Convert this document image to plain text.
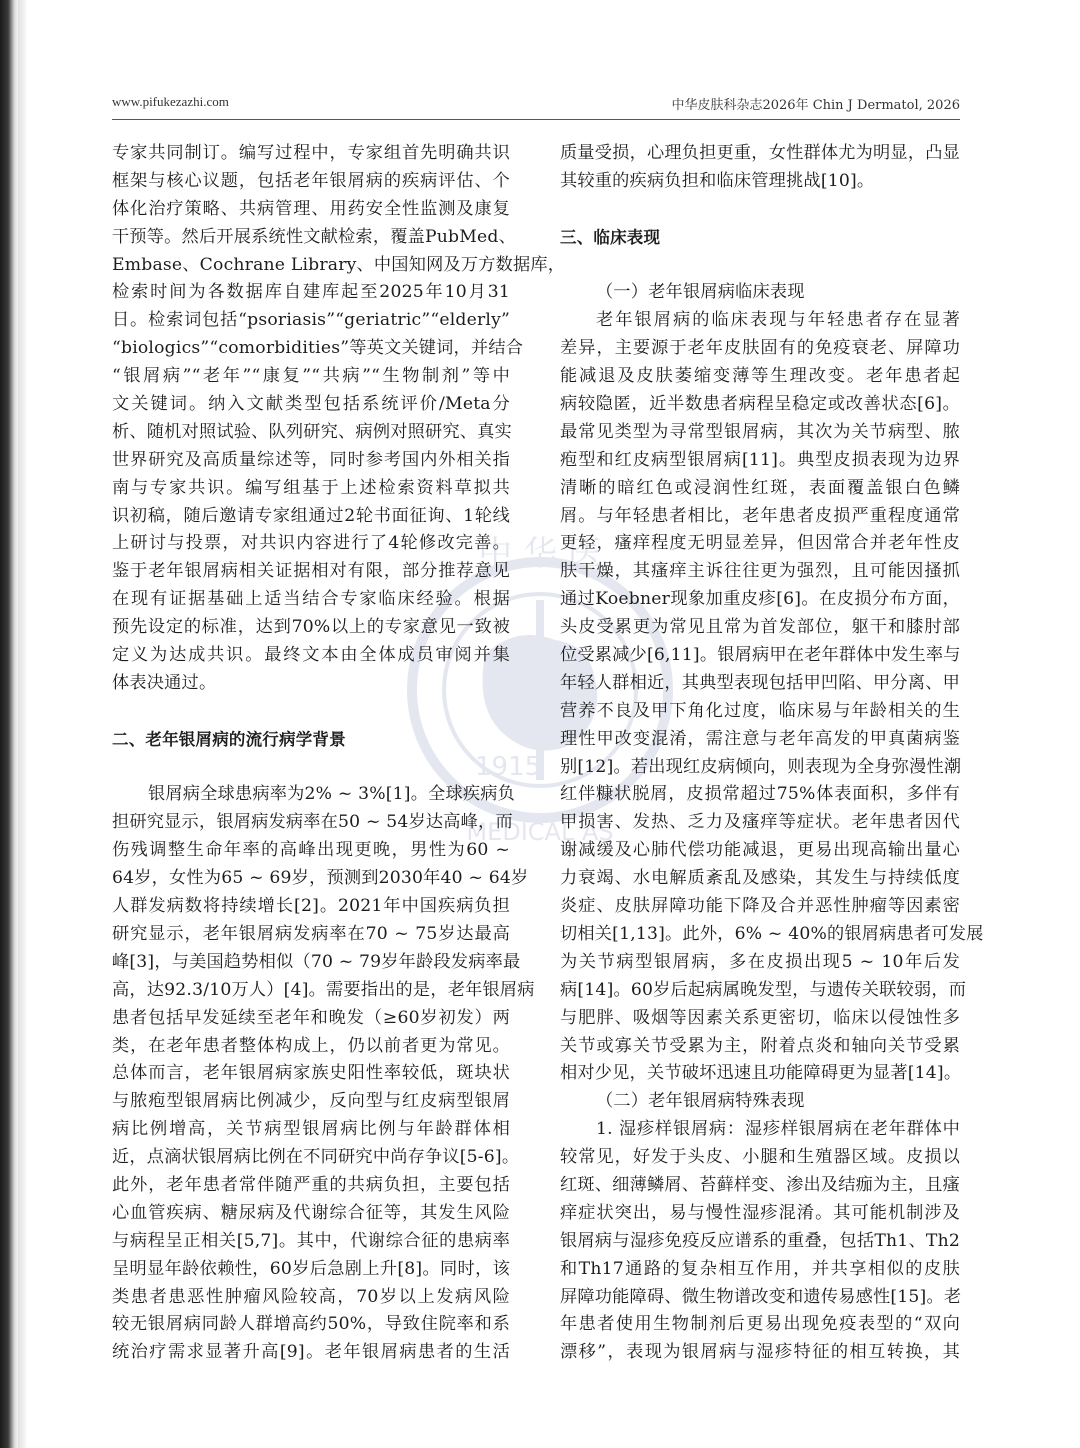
www.pifukezazhi.com	中华皮肤科杂志2026年 Chin J Dermatol, 2026
中 华 医
1915
MEDICAL AS
专家共同制订。编写过程中，专家组首先明确共识
框架与核心议题，包括老年银屑病的疾病评估、个
体化治疗策略、共病管理、用药安全性监测及康复
干预等。然后开展系统性文献检索，覆盖PubMed、
Embase、Cochrane Library、中国知网及万方数据库，
检索时间为各数据库自建库起至2025年10月31
日。检索词包括“psoriasis”“geriatric”“elderly”
“biologics”“comorbidities”等英文关键词，并结合
“银屑病”“老年”“康复”“共病”“生物制剂”等中
文关键词。纳入文献类型包括系统评价/Meta分
析、随机对照试验、队列研究、病例对照研究、真实
世界研究及高质量综述等，同时参考国内外相关指
南与专家共识。编写组基于上述检索资料草拟共
识初稿，随后邀请专家组通过2轮书面征询、1轮线
上研讨与投票，对共识内容进行了4轮修改完善。
鉴于老年银屑病相关证据相对有限，部分推荐意见
在现有证据基础上适当结合专家临床经验。根据
预先设定的标准，达到70%以上的专家意见一致被
定义为达成共识。最终文本由全体成员审阅并集
体表决通过。
二、老年银屑病的流行病学背景
银屑病全球患病率为2% ~ 3%[1]。全球疾病负
担研究显示，银屑病发病率在50 ~ 54岁达高峰，而
伤残调整生命年率的高峰出现更晚，男性为60 ~
64岁，女性为65 ~ 69岁，预测到2030年40 ~ 64岁
人群发病数将持续增长[2]。2021年中国疾病负担
研究显示，老年银屑病发病率在70 ~ 75岁达最高
峰[3]，与美国趋势相似（70 ~ 79岁年龄段发病率最
高，达92.3/10万人）[4]。需要指出的是，老年银屑病
患者包括早发延续至老年和晚发（≥60岁初发）两
类，在老年患者整体构成上，仍以前者更为常见。
总体而言，老年银屑病家族史阳性率较低，斑块状
与脓疱型银屑病比例减少，反向型与红皮病型银屑
病比例增高，关节病型银屑病比例与年龄群体相
近，点滴状银屑病比例在不同研究中尚存争议[5-6]。
此外，老年患者常伴随严重的共病负担，主要包括
心血管疾病、糖尿病及代谢综合征等，其发生风险
与病程呈正相关[5,7]。其中，代谢综合征的患病率
呈明显年龄依赖性，60岁后急剧上升[8]。同时，该
类患者患恶性肿瘤风险较高，70岁以上发病风险
较无银屑病同龄人群增高约50%，导致住院率和系
统治疗需求显著升高[9]。老年银屑病患者的生活
质量受损，心理负担更重，女性群体尤为明显，凸显
其较重的疾病负担和临床管理挑战[10]。
三、临床表现
（一）老年银屑病临床表现
老年银屑病的临床表现与年轻患者存在显著
差异，主要源于老年皮肤固有的免疫衰老、屏障功
能减退及皮肤萎缩变薄等生理改变。老年患者起
病较隐匿，近半数患者病程呈稳定或改善状态[6]。
最常见类型为寻常型银屑病，其次为关节病型、脓
疱型和红皮病型银屑病[11]。典型皮损表现为边界
清晰的暗红色或浸润性红斑，表面覆盖银白色鳞
屑。与年轻患者相比，老年患者皮损严重程度通常
更轻，瘙痒程度无明显差异，但因常合并老年性皮
肤干燥，其瘙痒主诉往往更为强烈，且可能因搔抓
通过Koebner现象加重皮疹[6]。在皮损分布方面，
头皮受累更为常见且常为首发部位，躯干和膝肘部
位受累减少[6,11]。银屑病甲在老年群体中发生率与
年轻人群相近，其典型表现包括甲凹陷、甲分离、甲
营养不良及甲下角化过度，临床易与年龄相关的生
理性甲改变混淆，需注意与老年高发的甲真菌病鉴
别[12]。若出现红皮病倾向，则表现为全身弥漫性潮
红伴糠状脱屑，皮损常超过75%体表面积，多伴有
甲损害、发热、乏力及瘙痒等症状。老年患者因代
谢减缓及心肺代偿功能减退，更易出现高输出量心
力衰竭、水电解质紊乱及感染，其发生与持续低度
炎症、皮肤屏障功能下降及合并恶性肿瘤等因素密
切相关[1,13]。此外，6% ~ 40%的银屑病患者可发展
为关节病型银屑病，多在皮损出现5 ~ 10年后发
病[14]。60岁后起病属晚发型，与遗传关联较弱，而
与肥胖、吸烟等因素关系更密切，临床以侵蚀性多
关节或寡关节受累为主，附着点炎和轴向关节受累
相对少见，关节破坏迅速且功能障碍更为显著[14]。
（二）老年银屑病特殊表现
1. 湿疹样银屑病：湿疹样银屑病在老年群体中
较常见，好发于头皮、小腿和生殖器区域。皮损以
红斑、细薄鳞屑、苔藓样变、渗出及结痂为主，且瘙
痒症状突出，易与慢性湿疹混淆。其可能机制涉及
银屑病与湿疹免疫反应谱系的重叠，包括Th1、Th2
和Th17通路的复杂相互作用，并共享相似的皮肤
屏障功能障碍、微生物谱改变和遗传易感性[15]。老
年患者使用生物制剂后更易出现免疫表型的“双向
漂移”，表现为银屑病与湿疹特征的相互转换，其
